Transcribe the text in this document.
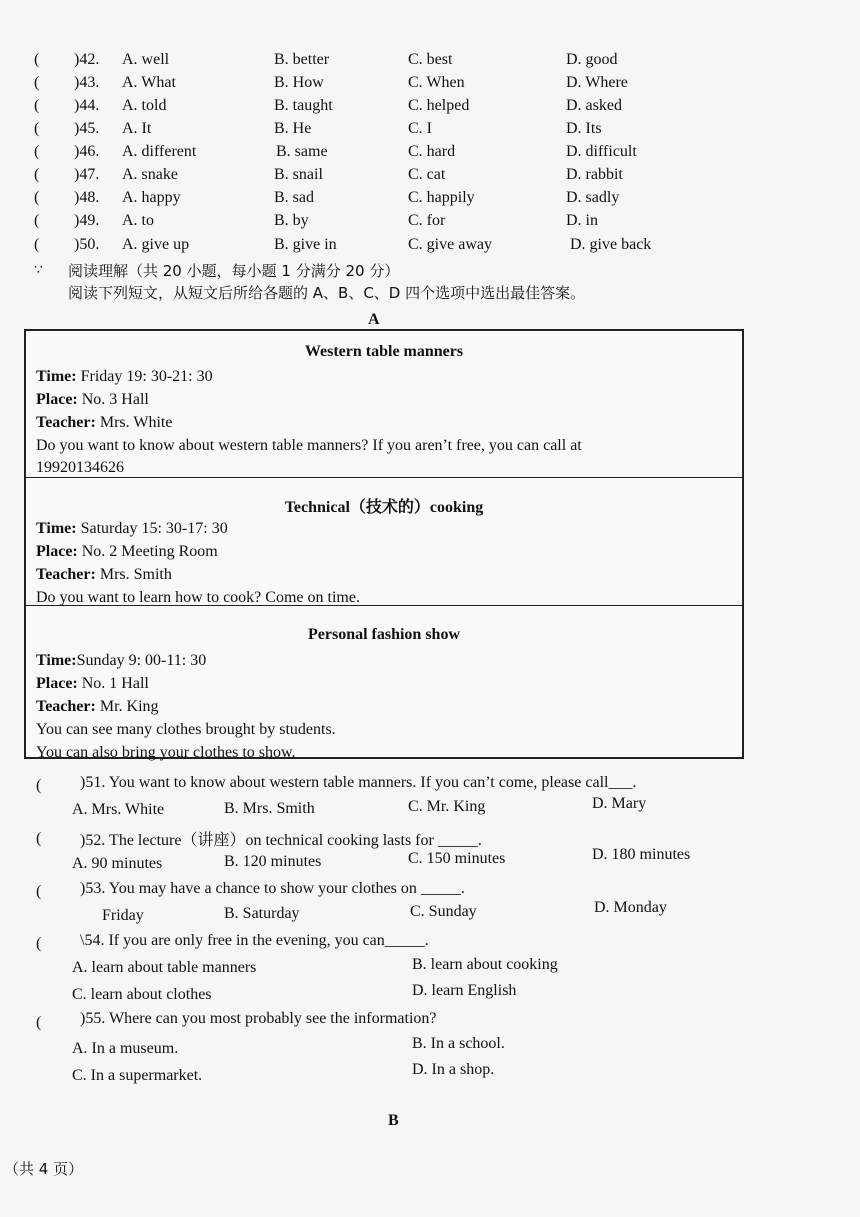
( )42. A. well	B. better	C. best	D. good
( )43. A. What	B. How	C. When	D. Where
( )44. A. told	B. taught	C. helped	D. asked
( )45. A. It	B. He	C. I	D. Its
( )46. A. different	B. same	C. hard	D. difficult
( )47. A. snake	B. snail	C. cat	D. rabbit
( )48. A. happy	B. sad	C. happily	D. sadly
( )49. A. to	B. by	C. for	D. in
( )50. A. give up	B. give in	C. give away	D. give back
∵ 阅读理解（共 20 小题，每小题 1 分满分 20 分）
阅读下列短文，从短文后所给各题的 A、B、C、D 四个选项中选出最佳答案。
A
Western table manners
Time: Friday 19: 30-21: 30
Place: No. 3 Hall
Teacher: Mrs. White
Do you want to know about western table manners? If you aren’t free, you can call at
19920134626
Technical（技术的）cooking
Time: Saturday 15: 30-17: 30
Place: No. 2 Meeting Room
Teacher: Mrs. Smith
Do you want to learn how to cook? Come on time.
Personal fashion show
Time:Sunday 9: 00-11: 30
Place: No. 1 Hall
Teacher: Mr. King
You can see many clothes brought by students.
You can also bring your clothes to show.
( )51. You want to know about western table manners. If you can’t come, please call___.
A. Mrs. White	B. Mrs. Smith	C. Mr. King	D. Mary
( )52. The lecture（讲座）on technical cooking lasts for _____.
A. 90 minutes	B. 120 minutes	C. 150 minutes	D. 180 minutes
( )53. You may have a chance to show your clothes on _____.
Friday	B. Saturday	C. Sunday	D. Monday
( \54. If you are only free in the evening, you can_____.
A. learn about table manners	B. learn about cooking
C. learn about clothes	D. learn English
( )55. Where can you most probably see the information?
A. In a museum.	B. In a school.
C. In a supermarket.	D. In a shop.
B
（共 4 页）
